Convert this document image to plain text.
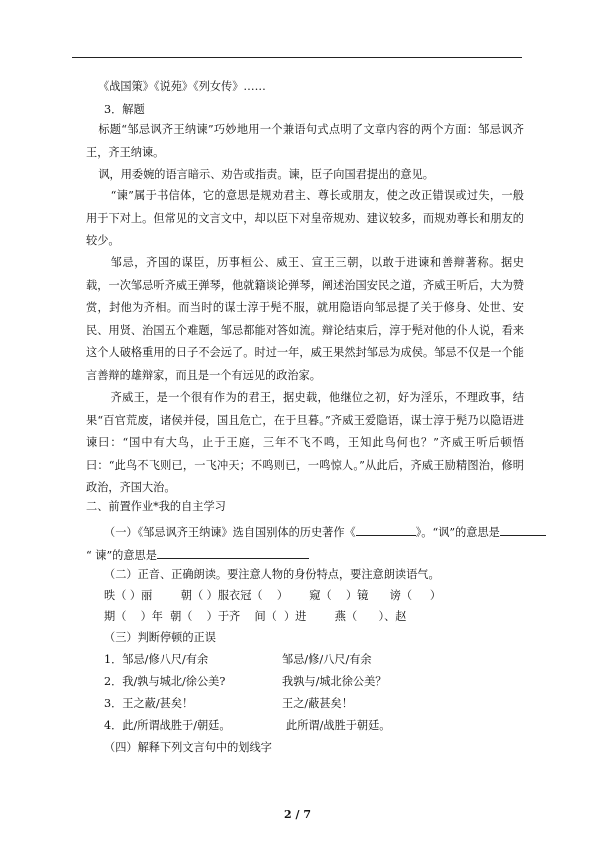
《战国策》《说苑》《列女传》……
3．解题
标题“邹忌讽齐王纳谏”巧妙地用一个兼语句式点明了文章内容的两个方面：邹忌讽齐王，齐王纳谏。
讽，用委婉的语言暗示、劝告或指责。谏，臣子向国君提出的意见。
“谏”属于书信体，它的意思是规劝君主、尊长或朋友，使之改正错误或过失，一般用于下对上。但常见的文言文中，却以臣下对皇帝规劝、建议较多，而规劝尊长和朋友的较少。
邹忌，齐国的谋臣，历事桓公、威王、宣王三朝，以敢于进谏和善辩著称。据史载，一次邹忌听齐威王弹琴，他就籍谈论弹琴，阐述治国安民之道，齐威王听后，大为赞赏，封他为齐相。而当时的谋士淳于髡不服，就用隐语向邹忌提了关于修身、处世、安民、用贤、治国五个难题，邹忌都能对答如流。辩论结束后，淳于髡对他的仆人说，看来这个人破格重用的日子不会远了。时过一年，威王果然封邹忌为成侯。邹忌不仅是一个能言善辩的雄辩家，而且是一个有远见的政治家。
齐威王，是一个很有作为的君王，据史载，他继位之初，好为淫乐，不理政事，结果“百官荒废，诸侯并侵，国且危亡，在于旦暮。”齐威王爱隐语，谋士淳于髡乃以隐语进谏曰：“国中有大鸟，止于王庭，三年不飞不鸣，王知此鸟何也？”齐威王听后顿悟曰：“此鸟不飞则已，一飞冲天；不鸣则已，一鸣惊人。”从此后，齐威王励精图治，修明政治，齐国大治。
二、前置作业*我的自主学习
（一）《邹忌讽齐王纳谏》选自国别体的历史著作《	》。“讽”的意思是
“ 谏”的意思是
（二）正音、正确朗读。要注意人物的身份特点，要注意朗读语气。
昳（ ）丽        朝（ ）服衣冠（    ）      窥（    ）镜      谤（     ）
期（    ）年  朝（    ）于齐    间（  ）进        燕（      ）、赵
（三）判断停顿的正误
1．邹忌/修八尺/有余	邹忌/修/八尺/有余
2．我/孰与城北/徐公美?	我孰与/城北徐公美？
3．王之蔽/甚矣！	王之/蔽甚矣！
4．此/所谓战胜于/朝廷。	此所谓/战胜于朝廷。
（四）解释下列文言句中的划线字
2 / 7
